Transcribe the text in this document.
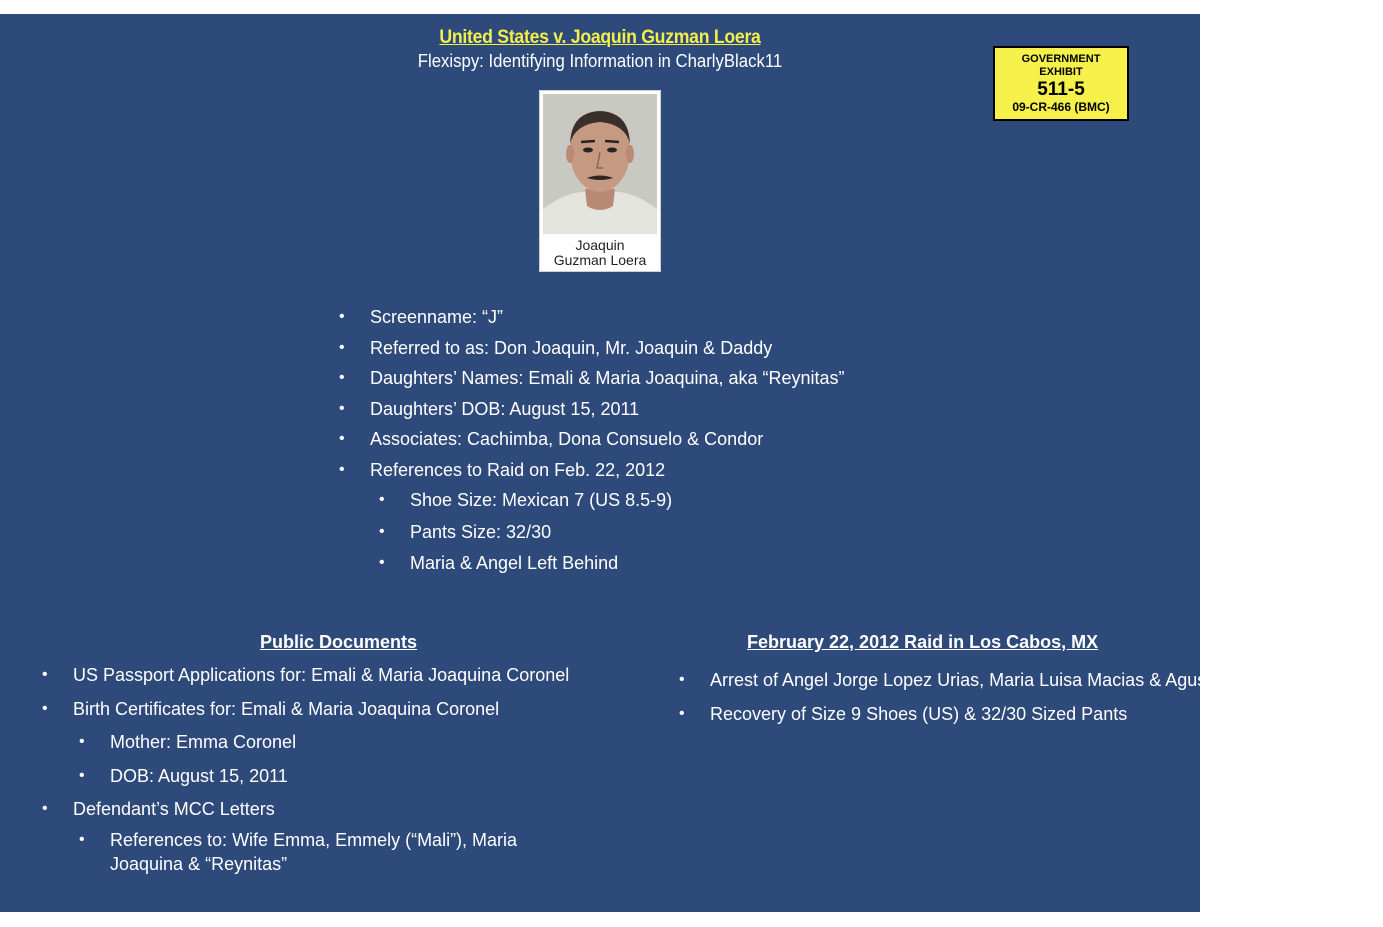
United States v. Joaquin Guzman Loera
Flexispy: Identifying Information in CharlyBlack11	GOVERNMENT
EXHIBIT
511-5
09-CR-466 (BMC)
Joaquin
Guzman Loera
• Screenname: “J”
• Referred to as: Don Joaquin, Mr. Joaquin & Daddy
• Daughters’ Names: Emali & Maria Joaquina, aka “Reynitas”
• Daughters’ DOB: August 15, 2011
• Associates: Cachimba, Dona Consuelo & Condor
• References to Raid on Feb. 22, 2012
• Shoe Size: Mexican 7 (US 8.5-9)
• Pants Size: 32/30
• Maria & Angel Left Behind
Public Documents
• US Passport Applications for: Emali & Maria Joaquina Coronel
• Birth Certificates for: Emali & Maria Joaquina Coronel
• Mother: Emma Coronel
• DOB: August 15, 2011
• Defendant’s MCC Letters
• References to: Wife Emma, Emmely (“Mali”), Maria Joaquina & “Reynitas”
February 22, 2012 Raid in Los Cabos, MX
• Arrest of Angel Jorge Lopez Urias, Maria Luisa Macias & Agustina Cabanillas Acosta
• Recovery of Size 9 Shoes (US) & 32/30 Sized Pants
